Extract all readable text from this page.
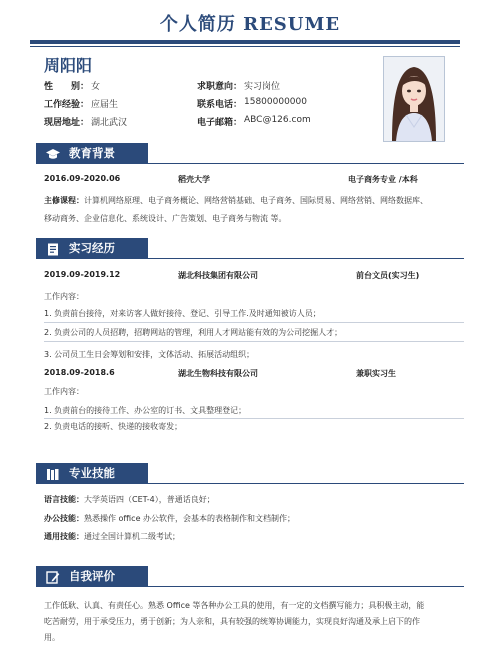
个人简历 RESUME
周阳阳
性　　别： 女
工作经验： 应届生
现居地址： 湖北武汉
求职意向： 实习岗位
联系电话： 15800000000
电子邮箱： ABC@126.com
教育背景
2016.09-2020.06	稻壳大学	电子商务专业 /本科
主修课程：计算机网络原理、电子商务概论、网络营销基础、电子商务、国际贸易、网络营销、网络数据库、
移动商务、企业信息化、系统设计、广告策划、电子商务与物流 等。
实习经历
2019.09-2019.12	湖北科技集团有限公司	前台文员(实习生)
工作内容：
1. 负责前台接待，对来访客人做好接待、登记、引导工作.及时通知被访人员；
2. 负责公司的人员招聘，招聘网站的管理，利用人才网站能有效的为公司挖掘人才；
3. 公司员工生日会筹划和安排，文体活动、拓展活动组织；
2018.09-2018.6	湖北生物科技有限公司	兼职实习生
工作内容：
1. 负责前台的接待工作、办公室的订书、文具整理登记；
2. 负责电话的接听、快递的接收寄发；
专业技能
语言技能：大学英语四（CET-4），普通话良好；
办公技能：熟悉操作 office 办公软件，会基本的表格制作和文档制作；
通用技能：通过全国计算机二级考试；
自我评价
工作低耿、认真、有责任心。熟悉 Office 等各种办公工具的使用，有一定的文档撰写能力；具积极主动，能
吃苦耐劳，用于承受压力，勇于创新；为人亲和，具有较强的统筹协调能力，实现良好沟通及承上启下的作
用。
